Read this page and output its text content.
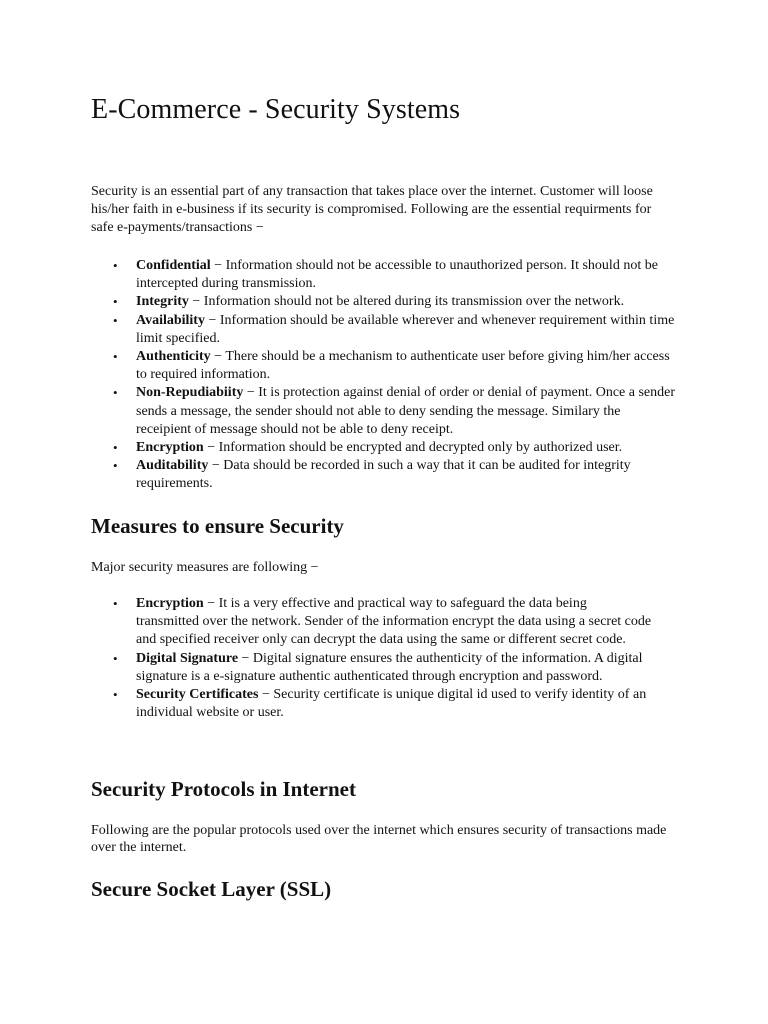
E-Commerce - Security Systems

Security is an essential part of any transaction that takes place over the internet. Customer will loose his/her faith in e-business if its security is compromised. Following are the essential requirments for safe e-payments/transactions −

• Confidential − Information should not be accessible to unauthorized person. It should not be intercepted during transmission.
• Integrity − Information should not be altered during its transmission over the network.
• Availability − Information should be available wherever and whenever requirement within time limit specified.
• Authenticity − There should be a mechanism to authenticate user before giving him/her access to required information.
• Non-Repudiabiity − It is protection against denial of order or denial of payment. Once a sender sends a message, the sender should not able to deny sending the message. Similary the receipient of message should not be able to deny receipt.
• Encryption − Information should be encrypted and decrypted only by authorized user.
• Auditability − Data should be recorded in such a way that it can be audited for integrity requirements.
Measures to ensure Security

Major security measures are following −

• Encryption − It is a very effective and practical way to safeguard the data being transmitted over the network. Sender of the information encrypt the data using a secret code and specified receiver only can decrypt the data using the same or different secret code.
• Digital Signature − Digital signature ensures the authenticity of the information. A digital signature is a e-signature authentic authenticated through encryption and password.
• Security Certificates − Security certificate is unique digital id used to verify identity of an individual website or user.
Security Protocols in Internet

Following are the popular protocols used over the internet which ensures security of transactions made over the internet.

Secure Socket Layer (SSL)
